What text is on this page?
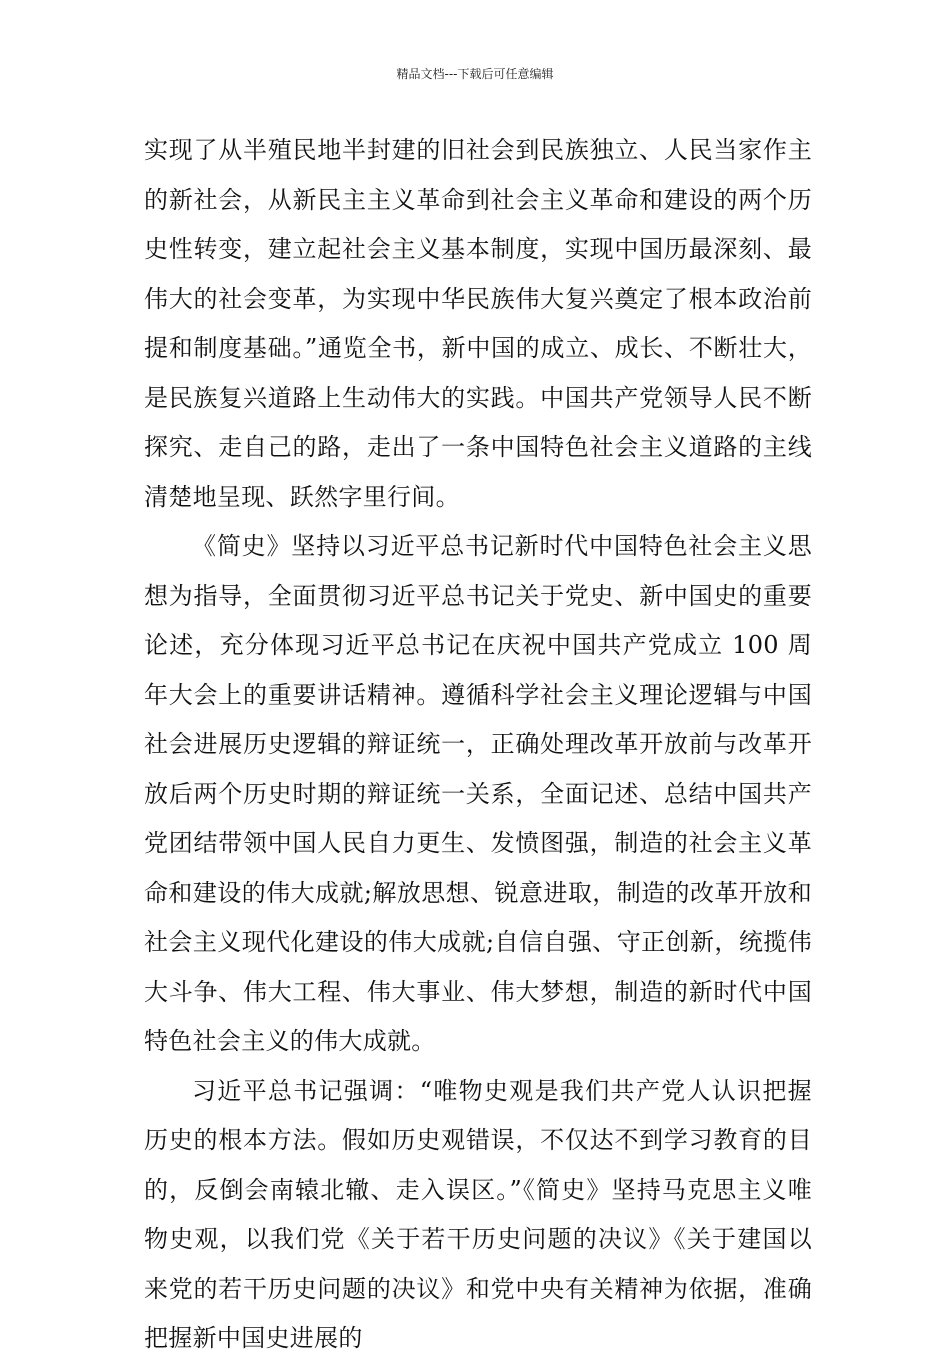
精品文档---下载后可任意编辑

实现了从半殖民地半封建的旧社会到民族独立、人民当家作主的新社会，从新民主主义革命到社会主义革命和建设的两个历史性转变，建立起社会主义基本制度，实现中国历最深刻、最伟大的社会变革，为实现中华民族伟大复兴奠定了根本政治前提和制度基础。”通览全书，新中国的成立、成长、不断壮大，是民族复兴道路上生动伟大的实践。中国共产党领导人民不断探究、走自己的路，走出了一条中国特色社会主义道路的主线清楚地呈现、跃然字里行间。

《简史》坚持以习近平总书记新时代中国特色社会主义思想为指导，全面贯彻习近平总书记关于党史、新中国史的重要论述，充分体现习近平总书记在庆祝中国共产党成立 100 周年大会上的重要讲话精神。遵循科学社会主义理论逻辑与中国社会进展历史逻辑的辩证统一，正确处理改革开放前与改革开放后两个历史时期的辩证统一关系，全面记述、总结中国共产党团结带领中国人民自力更生、发愤图强，制造的社会主义革命和建设的伟大成就;解放思想、锐意进取，制造的改革开放和社会主义现代化建设的伟大成就;自信自强、守正创新，统揽伟大斗争、伟大工程、伟大事业、伟大梦想，制造的新时代中国特色社会主义的伟大成就。

习近平总书记强调：“唯物史观是我们共产党人认识把握历史的根本方法。假如历史观错误，不仅达不到学习教育的目的，反倒会南辕北辙、走入误区。”《简史》坚持马克思主义唯物史观，以我们党《关于若干历史问题的决议》《关于建国以来党的若干历史问题的决议》和党中央有关精神为依据，准确把握新中国史进展的
